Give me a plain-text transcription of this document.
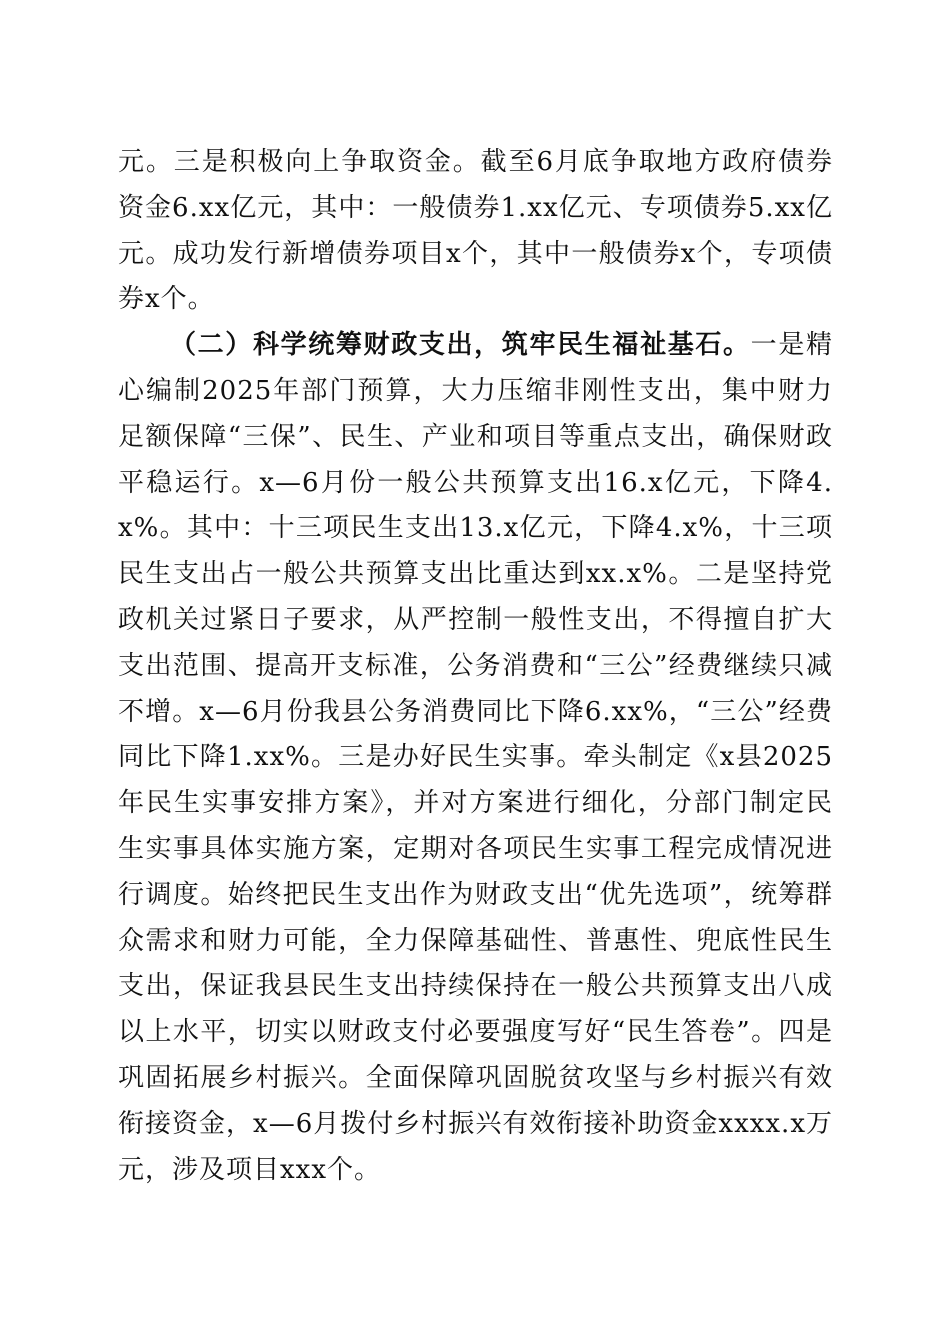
元。三是积极向上争取资金。截至6月底争取地方政府债券资金6.xx亿元，其中：一般债券1.xx亿元、专项债券5.xx亿元。成功发行新增债券项目x个，其中一般债券x个，专项债券x个。

（二）科学统筹财政支出，筑牢民生福祉基石。一是精心编制2025年部门预算，大力压缩非刚性支出，集中财力足额保障“三保”、民生、产业和项目等重点支出，确保财政平稳运行。x—6月份一般公共预算支出16.x亿元，下降4.x%。其中：十三项民生支出13.x亿元，下降4.x%，十三项民生支出占一般公共预算支出比重达到xx.x%。二是坚持党政机关过紧日子要求，从严控制一般性支出，不得擅自扩大支出范围、提高开支标准，公务消费和“三公”经费继续只减不增。x—6月份我县公务消费同比下降6.xx%，“三公”经费同比下降1.xx%。三是办好民生实事。牵头制定《x县2025年民生实事安排方案》，并对方案进行细化，分部门制定民生实事具体实施方案，定期对各项民生实事工程完成情况进行调度。始终把民生支出作为财政支出“优先选项”，统筹群众需求和财力可能，全力保障基础性、普惠性、兜底性民生支出，保证我县民生支出持续保持在一般公共预算支出八成以上水平，切实以财政支付必要强度写好“民生答卷”。四是巩固拓展乡村振兴。全面保障巩固脱贫攻坚与乡村振兴有效衔接资金，x—6月拨付乡村振兴有效衔接补助资金xxxx.x万元，涉及项目xxx个。
